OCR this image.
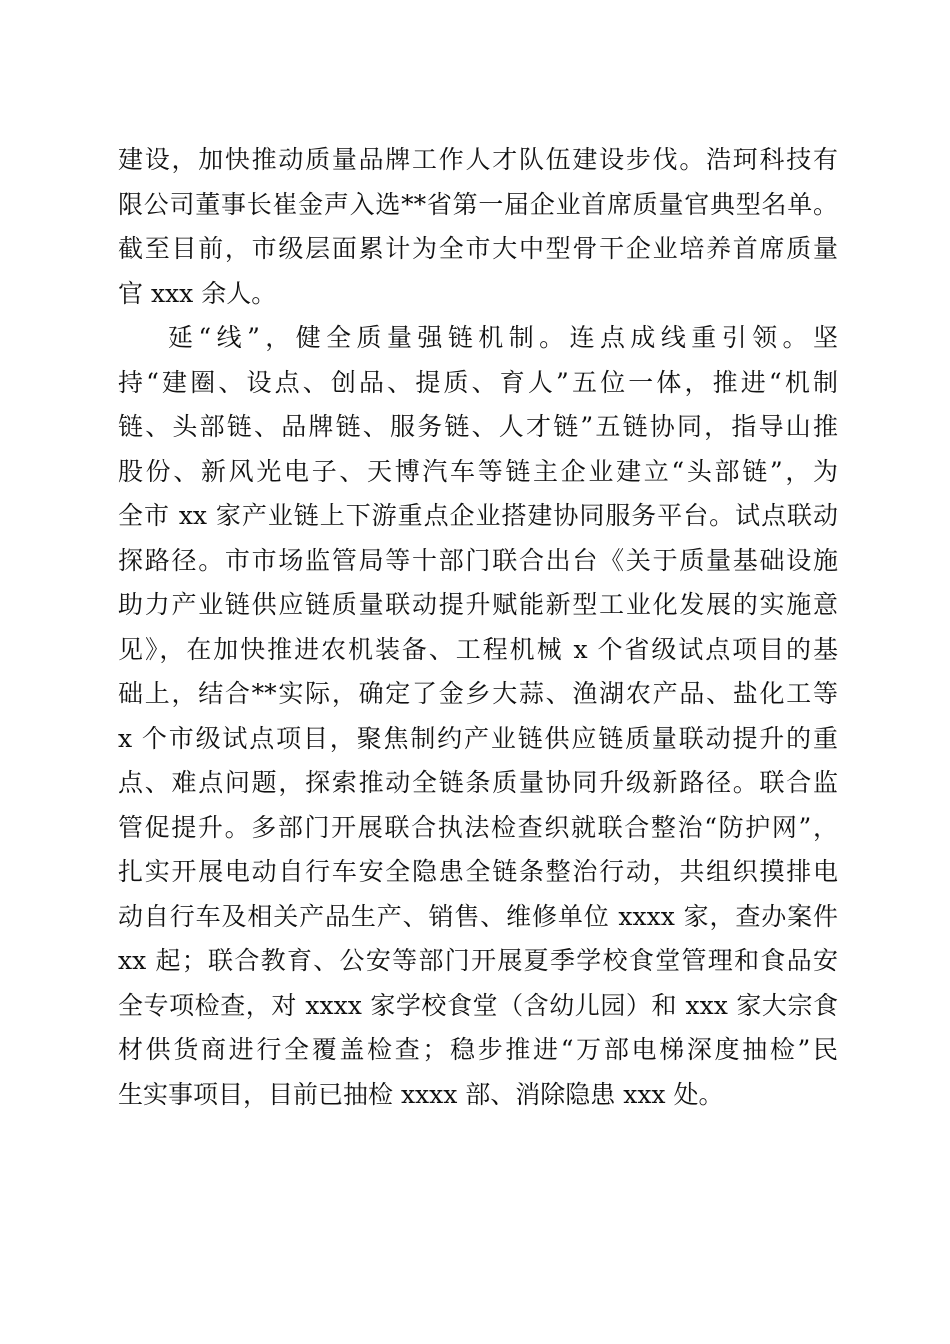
建设，加快推动质量品牌工作人才队伍建设步伐。浩珂科技有
限公司董事长崔金声入选**省第一届企业首席质量官典型名单。
截至目前，市级层面累计为全市大中型骨干企业培养首席质量
官 xxx 余人。
延“线”，健全质量强链机制。连点成线重引领。坚
持“建圈、设点、创品、提质、育人”五位一体，推进“机制
链、头部链、品牌链、服务链、人才链”五链协同，指导山推
股份、新风光电子、天博汽车等链主企业建立“头部链”，为
全市 xx 家产业链上下游重点企业搭建协同服务平台。试点联动
探路径。市市场监管局等十部门联合出台《关于质量基础设施
助力产业链供应链质量联动提升赋能新型工业化发展的实施意
见》，在加快推进农机装备、工程机械 x 个省级试点项目的基
础上，结合**实际，确定了金乡大蒜、渔湖农产品、盐化工等
x 个市级试点项目，聚焦制约产业链供应链质量联动提升的重
点、难点问题，探索推动全链条质量协同升级新路径。联合监
管促提升。多部门开展联合执法检查织就联合整治“防护网”，
扎实开展电动自行车安全隐患全链条整治行动，共组织摸排电
动自行车及相关产品生产、销售、维修单位 xxxx 家，查办案件
xx 起；联合教育、公安等部门开展夏季学校食堂管理和食品安
全专项检查，对 xxxx 家学校食堂（含幼儿园）和 xxx 家大宗食
材供货商进行全覆盖检查；稳步推进“万部电梯深度抽检”民
生实事项目，目前已抽检 xxxx 部、消除隐患 xxx 处。
